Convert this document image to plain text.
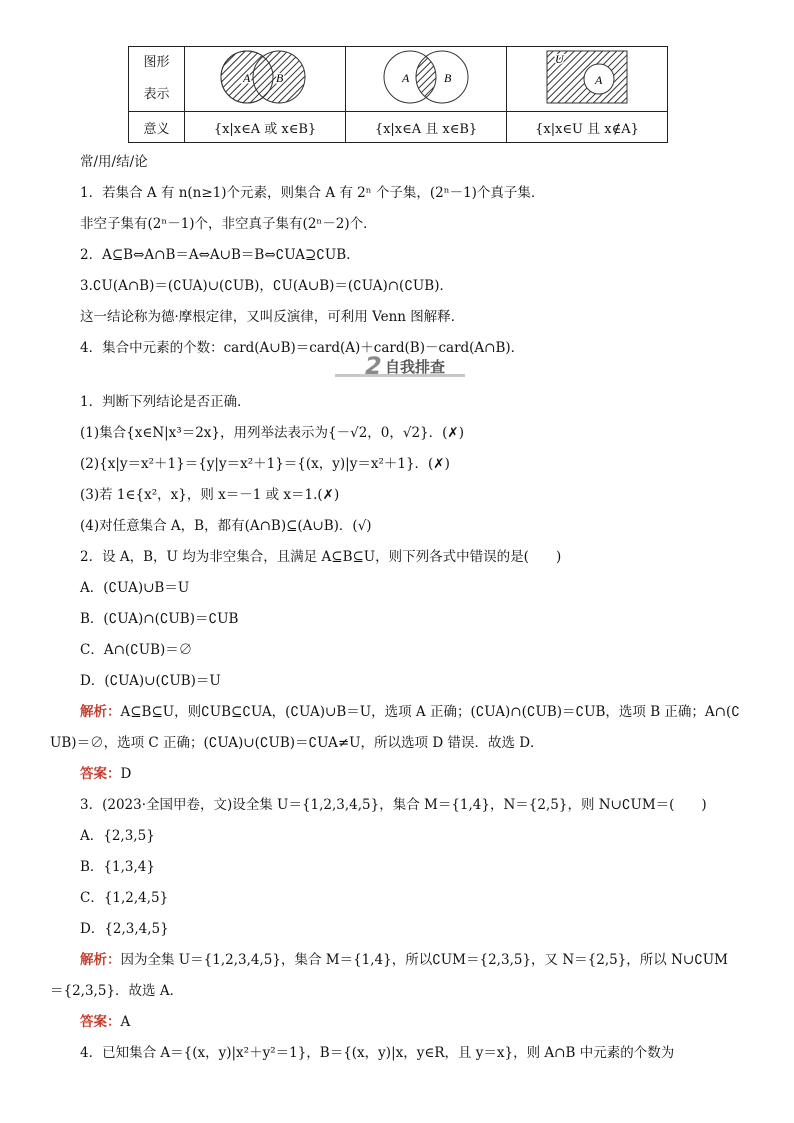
图形
表示	A B	A B	U
A

意义	{x|x∈A 或 x∈B}	{x|x∈A 且 x∈B}	{x|x∈U 且 x∉A}
常/用/结/论
1．若集合 A 有 n(n≥1)个元素，则集合 A 有 2ⁿ 个子集，(2ⁿ－1)个真子集．
非空子集有(2ⁿ－1)个，非空真子集有(2ⁿ－2)个．
2．A⊆B⇔A∩B＝A⇔A∪B＝B⇔∁UA⊇∁UB.
3.∁U(A∩B)＝(∁UA)∪(∁UB)，∁U(A∪B)＝(∁UA)∩(∁UB)．
这一结论称为德·摩根定律，又叫反演律，可利用 Venn 图解释．
4．集合中元素的个数：card(A∪B)＝card(A)＋card(B)－card(A∩B)．
2 自我排查
1．判断下列结论是否正确．
(1)集合{x∈N|x³＝2x}，用列举法表示为{－√2，0，√2}．(✗)
(2){x|y＝x²＋1}＝{y|y＝x²＋1}＝{(x，y)|y＝x²＋1}．(✗)
(3)若 1∈{x²，x}，则 x＝－1 或 x＝1.(✗)
(4)对任意集合 A，B，都有(A∩B)⊆(A∪B)．(√)
2．设 A，B，U 均为非空集合，且满足 A⊆B⊆U，则下列各式中错误的是(　　)
A．(∁UA)∪B＝U
B．(∁UA)∩(∁UB)＝∁UB
C．A∩(∁UB)＝∅
D．(∁UA)∪(∁UB)＝U
解析：A⊆B⊆U，则∁UB⊆∁UA，(∁UA)∪B＝U，选项 A 正确；(∁UA)∩(∁UB)＝∁UB，选项 B 正确；A∩(∁
UB)＝∅，选项 C 正确；(∁UA)∪(∁UB)＝∁UA≠U，所以选项 D 错误．故选 D．
答案：D
3．(2023·全国甲卷，文)设全集 U＝{1,2,3,4,5}，集合 M＝{1,4}，N＝{2,5}，则 N∪∁UM＝(　　)
A．{2,3,5}
B．{1,3,4}
C．{1,2,4,5}
D．{2,3,4,5}
解析：因为全集 U＝{1,2,3,4,5}，集合 M＝{1,4}，所以∁UM＝{2,3,5}，又 N＝{2,5}，所以 N∪∁UM
＝{2,3,5}．故选 A．
答案：A
4．已知集合 A＝{(x，y)|x²＋y²＝1}，B＝{(x，y)|x，y∈R，且 y＝x}，则 A∩B 中元素的个数为
